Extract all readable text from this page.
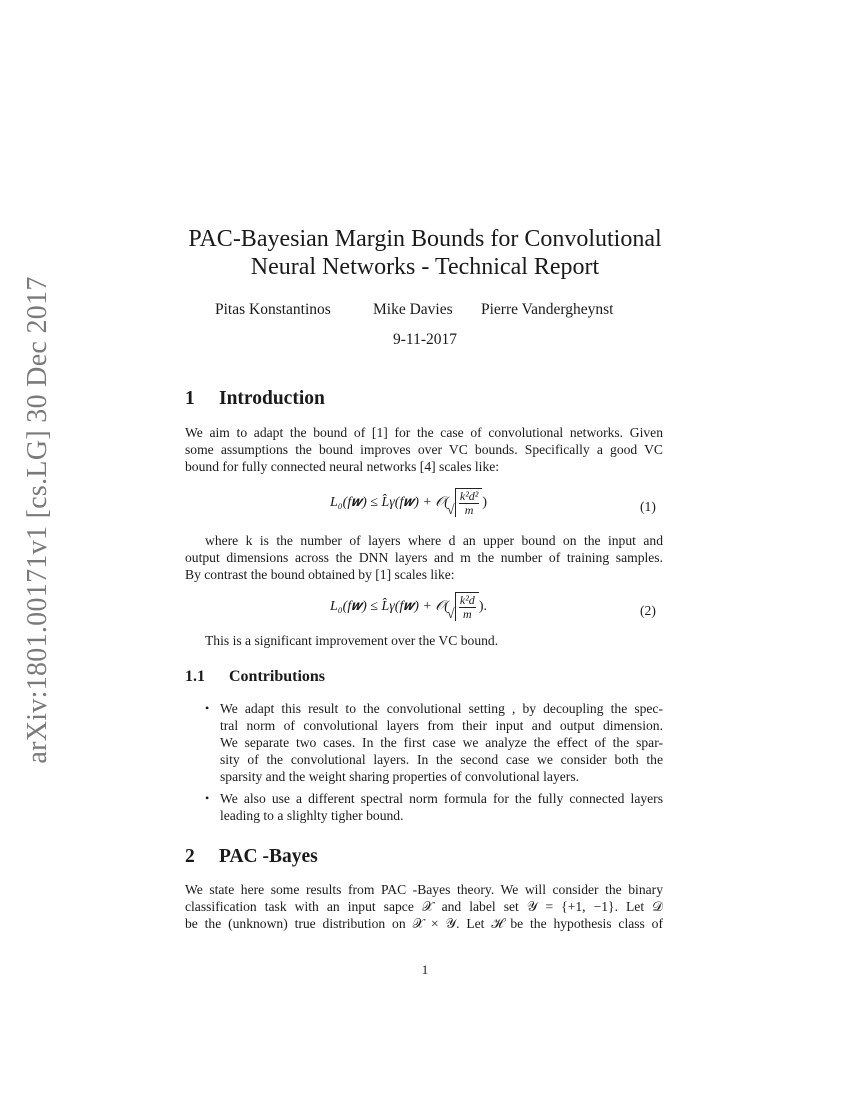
arXiv:1801.00171v1 [cs.LG] 30 Dec 2017
PAC-Bayesian Margin Bounds for Convolutional
Neural Networks - Technical Report
Pitas Konstantinos	Mike Davies Pierre Vandergheynst
9-11-2017
1 Introduction
We aim to adapt the bound of [1] for the case of convolutional networks. Given
some assumptions the bound improves over VC bounds. Specifically a good VC
bound for fully connected neural networks [4] scales like:
L₀(f𝒘) ≤ L̂γ(f𝒘) + 𝒪(
√
k²d²
m
)	(1)
where k is the number of layers where d an upper bound on the input and
output dimensions across the DNN layers and m the number of training samples.
By contrast the bound obtained by [1] scales like:
L₀(f𝒘) ≤ L̂γ(f𝒘) + 𝒪(
√
k²d
m
).	(2)
This is a significant improvement over the VC bound.
1.1 Contributions
• We adapt this result to the convolutional setting , by decoupling the spec-
tral norm of convolutional layers from their input and output dimension.
We separate two cases. In the first case we analyze the effect of the spar-
sity of the convolutional layers. In the second case we consider both the
sparsity and the weight sharing properties of convolutional layers.
• We also use a different spectral norm formula for the fully connected layers
leading to a slighlty tigher bound.
2 PAC -Bayes
We state here some results from PAC -Bayes theory. We will consider the binary
classification task with an input sapce 𝒳 and label set 𝒴 = {+1, −1}. Let 𝒟
be the (unknown) true distribution on 𝒳 × 𝒴. Let ℋ be the hypothesis class of
1
